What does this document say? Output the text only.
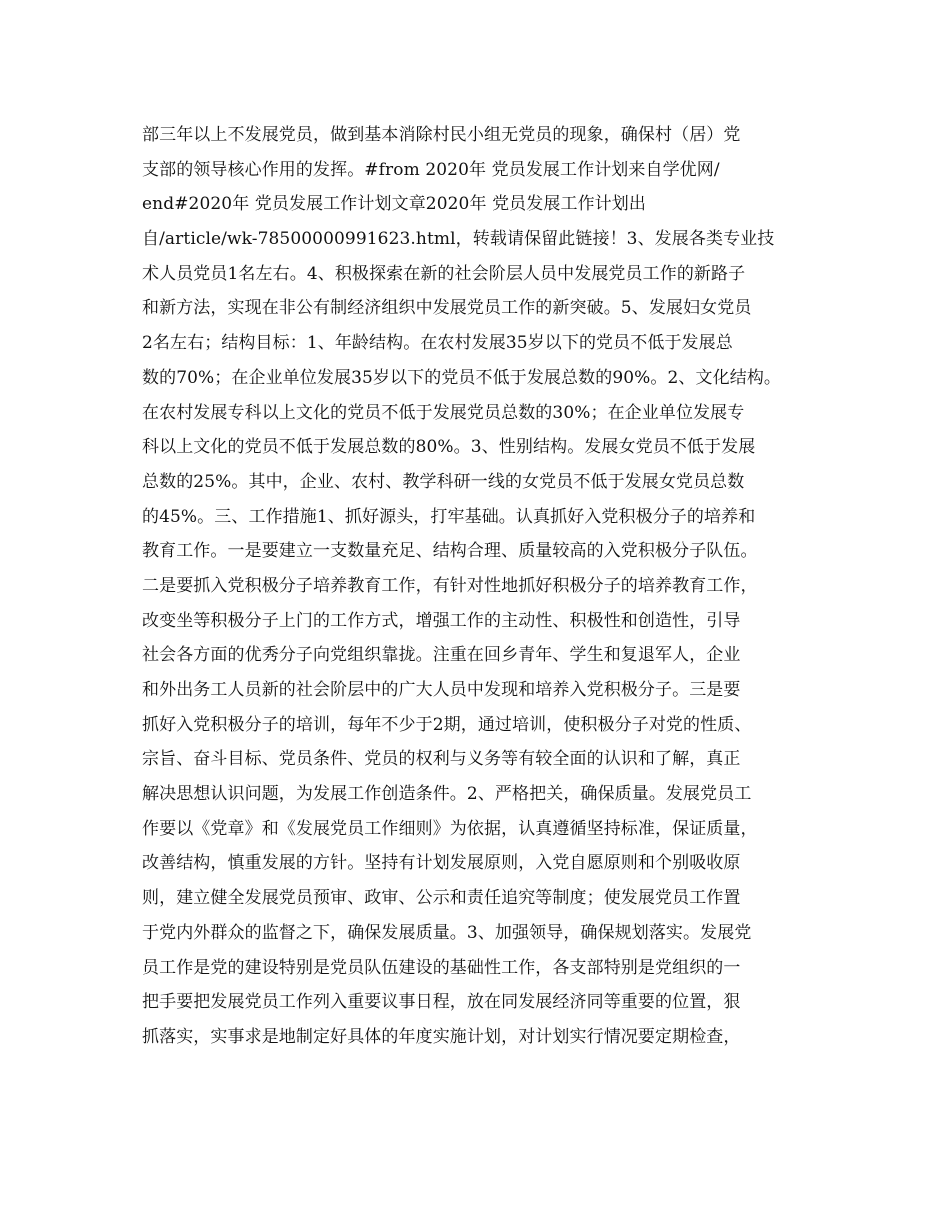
部三年以上不发展党员，做到基本消除村民小组无党员的现象，确保村（居）党
支部的领导核心作用的发挥。#from 2020年 党员发展工作计划来自学优网/
end#2020年 党员发展工作计划文章2020年 党员发展工作计划出
自/article/wk-78500000991623.html，转载请保留此链接！3、发展各类专业技
术人员党员1名左右。4、积极探索在新的社会阶层人员中发展党员工作的新路子
和新方法，实现在非公有制经济组织中发展党员工作的新突破。5、发展妇女党员
2名左右；结构目标：1、年龄结构。在农村发展35岁以下的党员不低于发展总
数的70%；在企业单位发展35岁以下的党员不低于发展总数的90%。2、文化结构。
在农村发展专科以上文化的党员不低于发展党员总数的30%；在企业单位发展专
科以上文化的党员不低于发展总数的80%。3、性别结构。发展女党员不低于发展
总数的25%。其中，企业、农村、教学科研一线的女党员不低于发展女党员总数
的45%。三、工作措施1、抓好源头，打牢基础。认真抓好入党积极分子的培养和
教育工作。一是要建立一支数量充足、结构合理、质量较高的入党积极分子队伍。
二是要抓入党积极分子培养教育工作，有针对性地抓好积极分子的培养教育工作，
改变坐等积极分子上门的工作方式，增强工作的主动性、积极性和创造性，引导
社会各方面的优秀分子向党组织靠拢。注重在回乡青年、学生和复退军人，企业
和外出务工人员新的社会阶层中的广大人员中发现和培养入党积极分子。三是要
抓好入党积极分子的培训，每年不少于2期，通过培训，使积极分子对党的性质、
宗旨、奋斗目标、党员条件、党员的权利与义务等有较全面的认识和了解，真正
解决思想认识问题，为发展工作创造条件。2、严格把关，确保质量。发展党员工
作要以《党章》和《发展党员工作细则》为依据，认真遵循坚持标准，保证质量，
改善结构，慎重发展的方针。坚持有计划发展原则，入党自愿原则和个别吸收原
则，建立健全发展党员预审、政审、公示和责任追究等制度；使发展党员工作置
于党内外群众的监督之下，确保发展质量。3、加强领导，确保规划落实。发展党
员工作是党的建设特别是党员队伍建设的基础性工作，各支部特别是党组织的一
把手要把发展党员工作列入重要议事日程，放在同发展经济同等重要的位置，狠
抓落实，实事求是地制定好具体的年度实施计划，对计划实行情况要定期检查，
